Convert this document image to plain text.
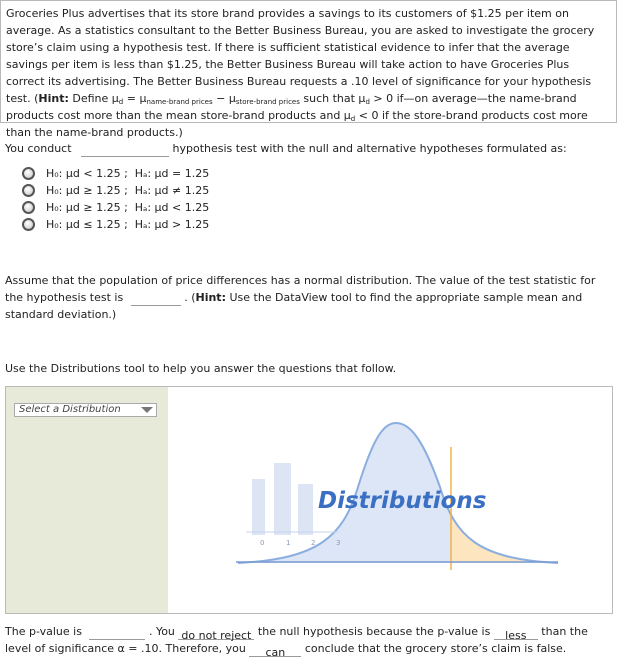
Groceries Plus advertises that its store brand provides a savings to its customers of $1.25 per item on average. As a statistics consultant to the Better Business Bureau, you are asked to investigate the grocery store’s claim using a hypothesis test. If there is sufficient statistical evidence to infer that the average savings per item is less than $1.25, the Better Business Bureau will take action to have Groceries Plus correct its advertising. The Better Business Bureau requests a .10 level of significance for your hypothesis test. (Hint: Define $\mu_d = \mu_{name-brand prices} - \mu_{store-brand prices}$ such that $\mu_d > 0$ if—on average—the name-brand products cost more than the mean store-brand products and $\mu_d < 0$ if the store-brand products cost more than the name-brand products.)

You conduct	hypothesis test with the null and alternative hypotheses formulated as:
H₀: μd < 1.25 ;  Hₐ: μd = 1.25
H₀: μd ≥ 1.25 ;  Hₐ: μd ≠ 1.25
H₀: μd ≥ 1.25 ;  Hₐ: μd < 1.25
H₀: μd ≤ 1.25 ;  Hₐ: μd > 1.25

Assume that the population of price differences has a normal distribution. The value of the test statistic for the hypothesis test is	. (Hint: Use the DataView tool to find the appropriate sample mean and standard deviation.)

Use the Distributions tool to help you answer the questions that follow.

Select a Distribution
0	1	2	3
Distributions

The p-value is	. You do not reject the null hypothesis because the p-value is less than the level of significance α = .10. Therefore, you can conclude that the grocery store’s claim is false.
